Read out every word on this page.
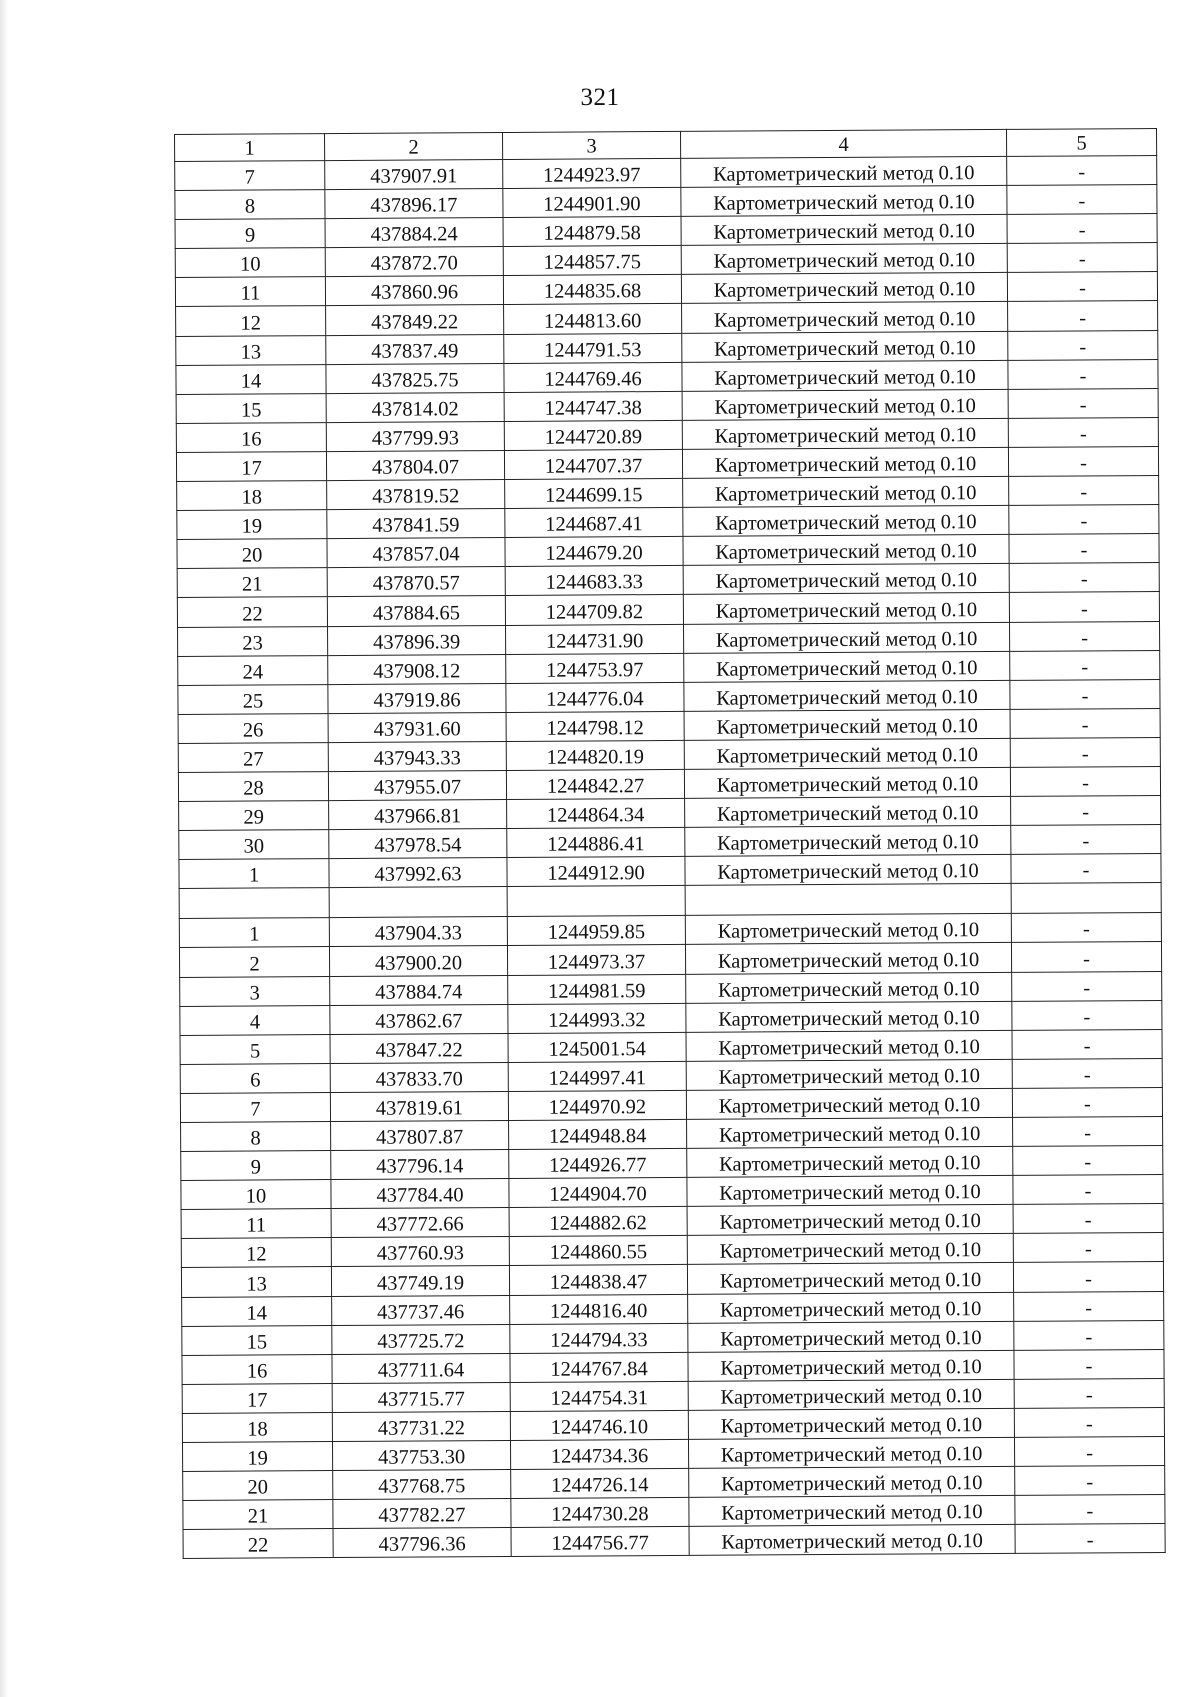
321
1	2	3	4	5
7	437907.91	1244923.97	Картометрический метод 0.10	-
8	437896.17	1244901.90	Картометрический метод 0.10	-
9	437884.24	1244879.58	Картометрический метод 0.10	-
10	437872.70	1244857.75	Картометрический метод 0.10	-
11	437860.96	1244835.68	Картометрический метод 0.10	-
12	437849.22	1244813.60	Картометрический метод 0.10	-
13	437837.49	1244791.53	Картометрический метод 0.10	-
14	437825.75	1244769.46	Картометрический метод 0.10	-
15	437814.02	1244747.38	Картометрический метод 0.10	-
16	437799.93	1244720.89	Картометрический метод 0.10	-
17	437804.07	1244707.37	Картометрический метод 0.10	-
18	437819.52	1244699.15	Картометрический метод 0.10	-
19	437841.59	1244687.41	Картометрический метод 0.10	-
20	437857.04	1244679.20	Картометрический метод 0.10	-
21	437870.57	1244683.33	Картометрический метод 0.10	-
22	437884.65	1244709.82	Картометрический метод 0.10	-
23	437896.39	1244731.90	Картометрический метод 0.10	-
24	437908.12	1244753.97	Картометрический метод 0.10	-
25	437919.86	1244776.04	Картометрический метод 0.10	-
26	437931.60	1244798.12	Картометрический метод 0.10	-
27	437943.33	1244820.19	Картометрический метод 0.10	-
28	437955.07	1244842.27	Картометрический метод 0.10	-
29	437966.81	1244864.34	Картометрический метод 0.10	-
30	437978.54	1244886.41	Картометрический метод 0.10	-
1	437992.63	1244912.90	Картометрический метод 0.10	-

1	437904.33	1244959.85	Картометрический метод 0.10	-
2	437900.20	1244973.37	Картометрический метод 0.10	-
3	437884.74	1244981.59	Картометрический метод 0.10	-
4	437862.67	1244993.32	Картометрический метод 0.10	-
5	437847.22	1245001.54	Картометрический метод 0.10	-
6	437833.70	1244997.41	Картометрический метод 0.10	-
7	437819.61	1244970.92	Картометрический метод 0.10	-
8	437807.87	1244948.84	Картометрический метод 0.10	-
9	437796.14	1244926.77	Картометрический метод 0.10	-
10	437784.40	1244904.70	Картометрический метод 0.10	-
11	437772.66	1244882.62	Картометрический метод 0.10	-
12	437760.93	1244860.55	Картометрический метод 0.10	-
13	437749.19	1244838.47	Картометрический метод 0.10	-
14	437737.46	1244816.40	Картометрический метод 0.10	-
15	437725.72	1244794.33	Картометрический метод 0.10	-
16	437711.64	1244767.84	Картометрический метод 0.10	-
17	437715.77	1244754.31	Картометрический метод 0.10	-
18	437731.22	1244746.10	Картометрический метод 0.10	-
19	437753.30	1244734.36	Картометрический метод 0.10	-
20	437768.75	1244726.14	Картометрический метод 0.10	-
21	437782.27	1244730.28	Картометрический метод 0.10	-
22	437796.36	1244756.77	Картометрический метод 0.10	-
